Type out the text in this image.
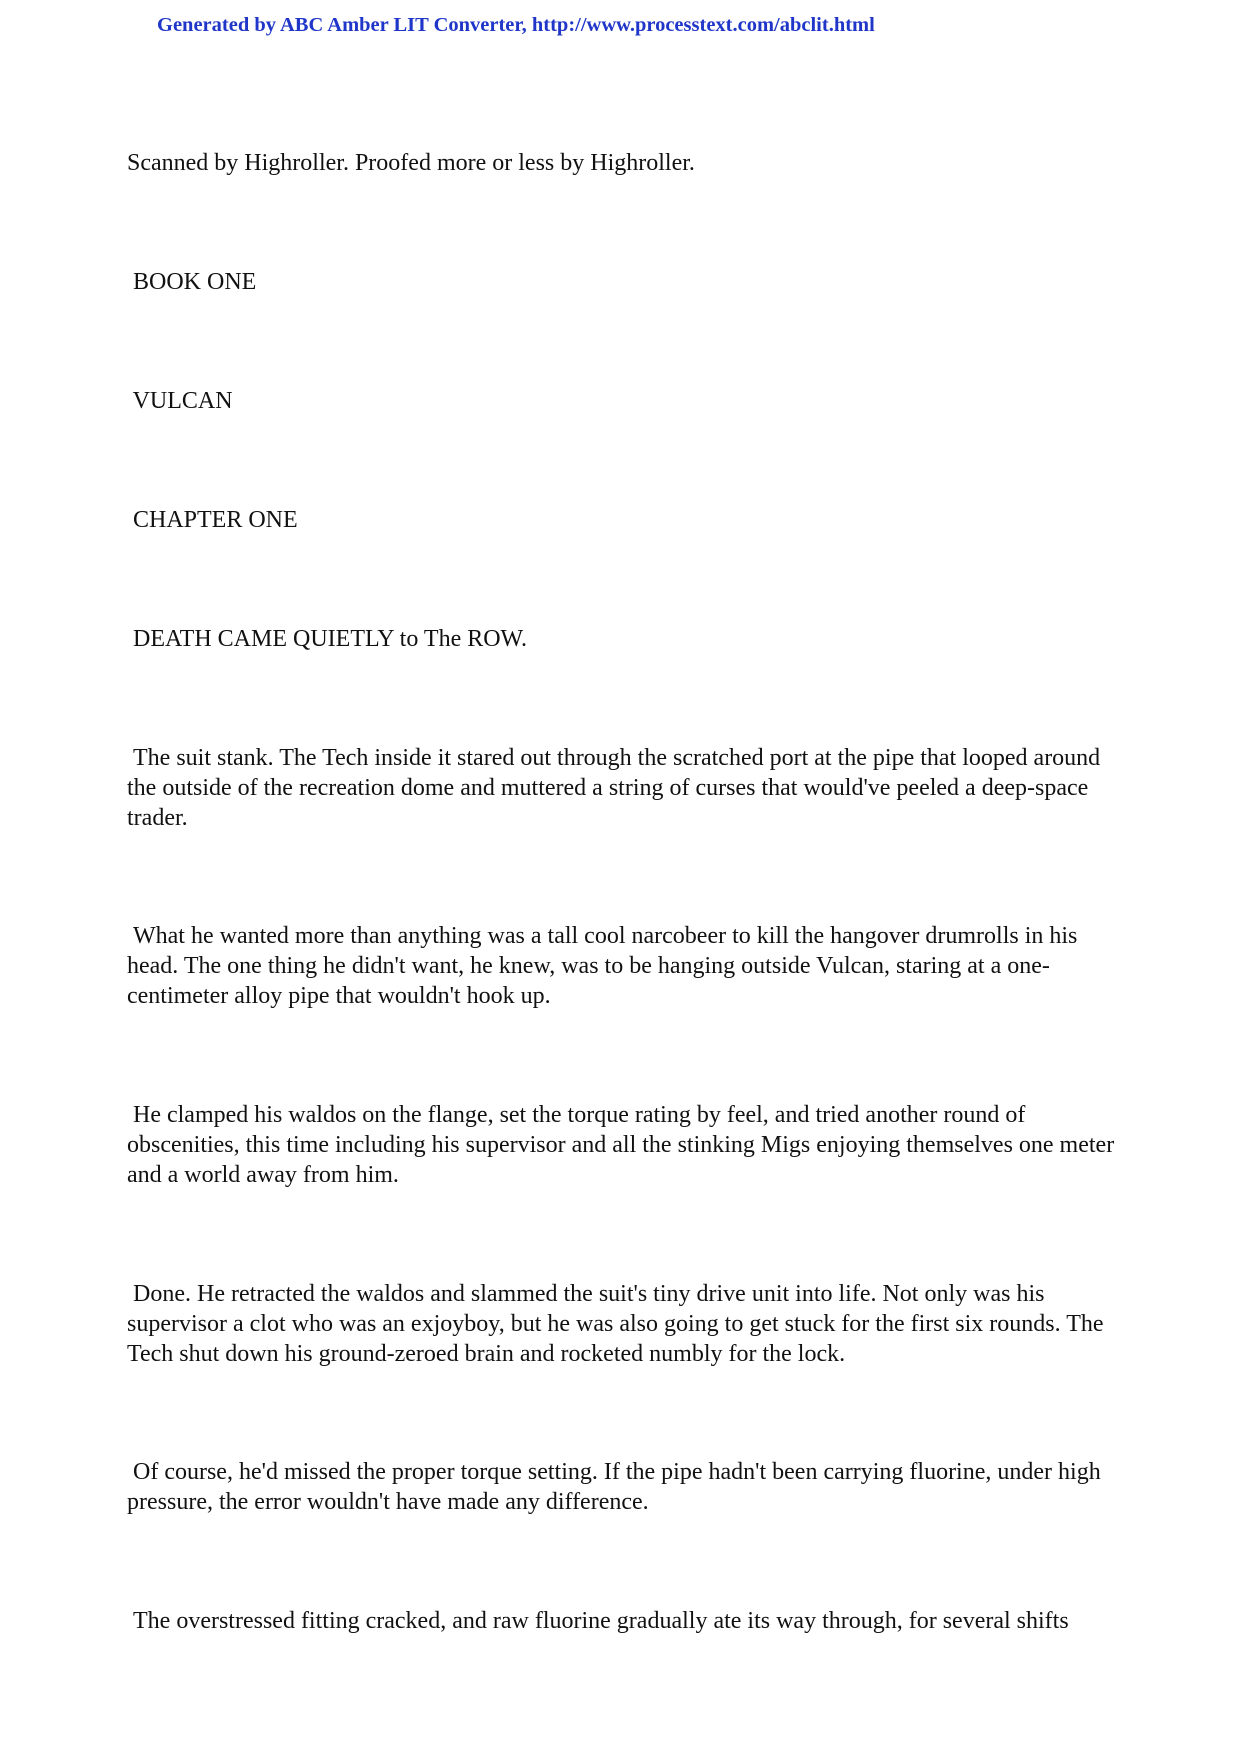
Generated by ABC Amber LIT Converter, http://www.processtext.com/abclit.html
Scanned by Highroller. Proofed more or less by Highroller.
BOOK ONE
VULCAN
CHAPTER ONE
DEATH CAME QUIETLY to The ROW.

The suit stank. The Tech inside it stared out through the scratched port at the pipe that looped around the outside of the recreation dome and muttered a string of curses that would've peeled a deep-space trader.

What he wanted more than anything was a tall cool narcobeer to kill the hangover drumrolls in his head. The one thing he didn't want, he knew, was to be hanging outside Vulcan, staring at a one-centimeter alloy pipe that wouldn't hook up.

He clamped his waldos on the flange, set the torque rating by feel, and tried another round of obscenities, this time including his supervisor and all the stinking Migs enjoying themselves one meter and a world away from him.

Done. He retracted the waldos and slammed the suit's tiny drive unit into life. Not only was his supervisor a clot who was an exjoyboy, but he was also going to get stuck for the first six rounds. The Tech shut down his ground-zeroed brain and rocketed numbly for the lock.

Of course, he'd missed the proper torque setting. If the pipe hadn't been carrying fluorine, under high pressure, the error wouldn't have made any difference.

The overstressed fitting cracked, and raw fluorine gradually ate its way through, for several shifts
